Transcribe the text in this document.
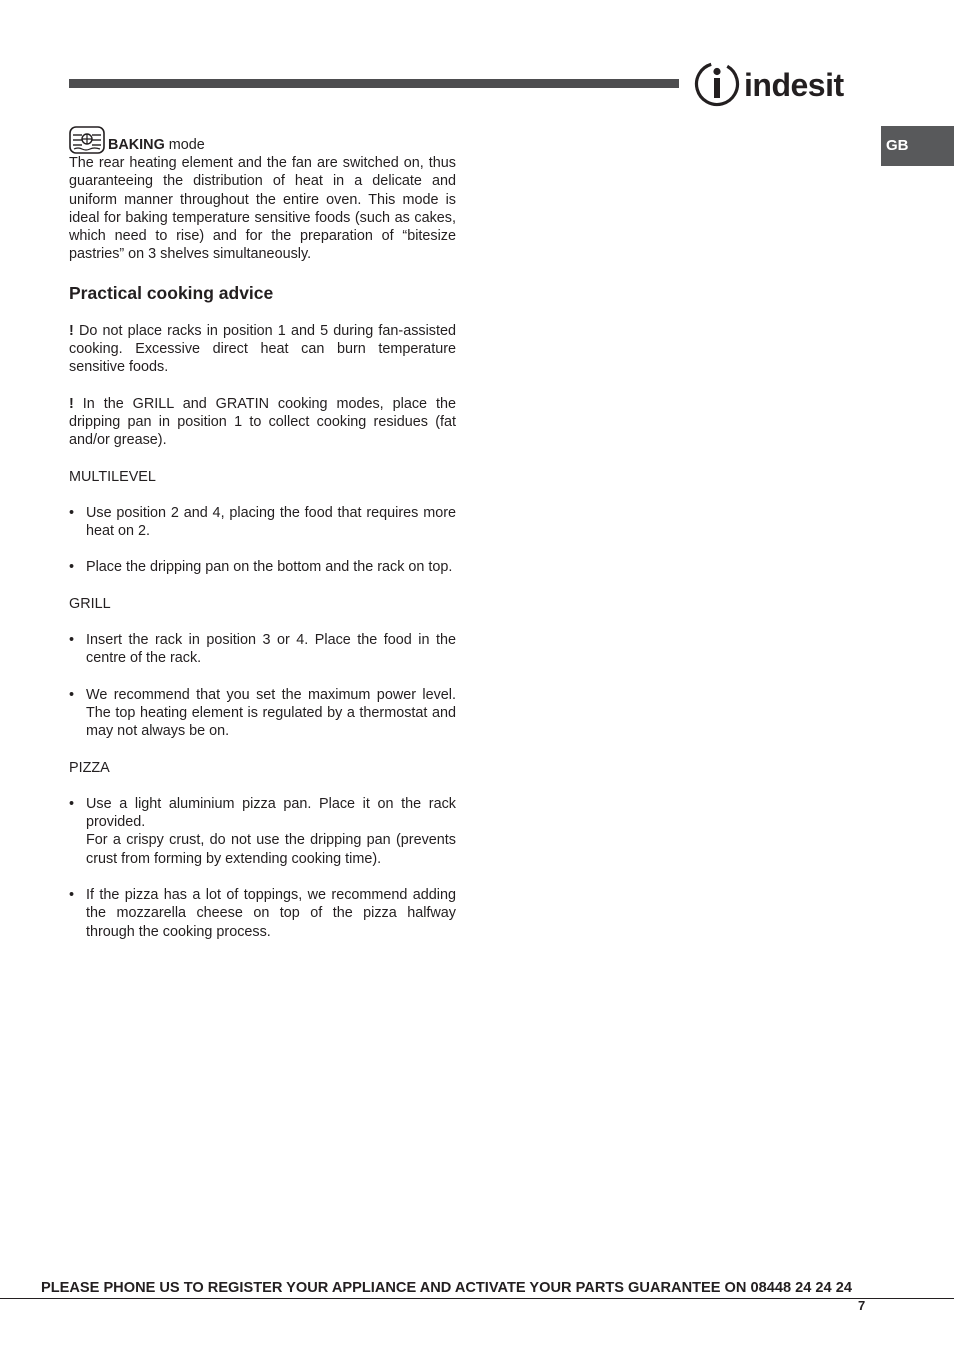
indesit
GB
BAKING mode

The rear heating element and the fan are switched on, thus guaranteeing the distribution of heat in a delicate and uniform manner throughout the entire oven. This mode is ideal for baking temperature sensitive foods (such as cakes, which need to rise) and for the preparation of “bitesize pastries” on 3 shelves simultaneously.

Practical cooking advice

! Do not place racks in position 1 and 5 during fan-assisted cooking. Excessive direct heat can burn temperature sensitive foods.

! In the GRILL and GRATIN cooking modes, place the dripping pan in position 1 to collect cooking residues (fat and/or grease).

MULTILEVEL

• Use position 2 and 4, placing the food that requires more heat on 2.
• Place the dripping pan on the bottom and the rack on top.

GRILL

• Insert the rack in position 3 or 4. Place the food in the centre of the rack.
• We recommend that you set the maximum power level. The top heating element is regulated by a thermostat and may not always be on.

PIZZA

• Use a light aluminium pizza pan. Place it on the rack provided.
For a crispy crust, do not use the dripping pan (prevents crust from forming by extending cooking time).
• If the pizza has a lot of toppings, we recommend adding the mozzarella cheese on top of the pizza halfway through the cooking process.
PLEASE PHONE US TO REGISTER YOUR APPLIANCE AND ACTIVATE YOUR PARTS GUARANTEE ON 08448 24 24 24
7
